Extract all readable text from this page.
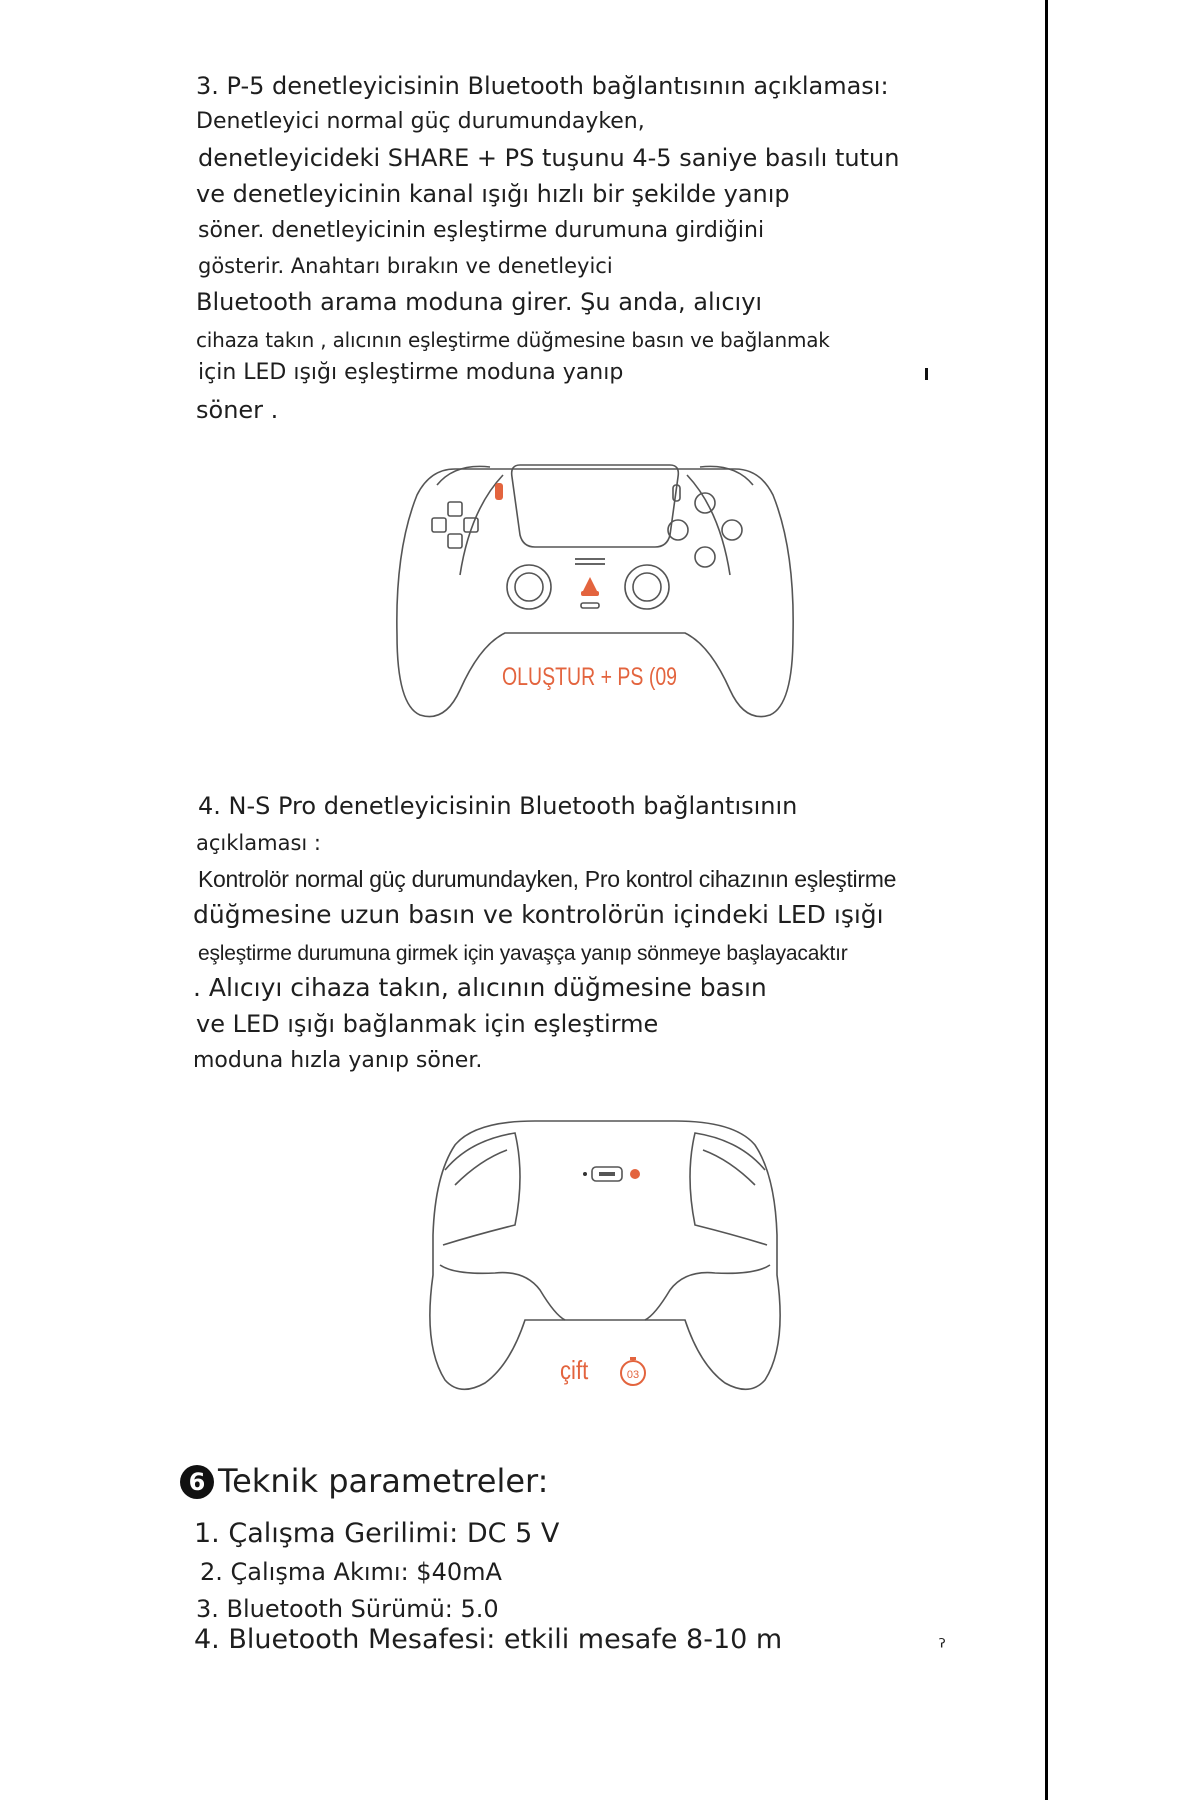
3. P-5 denetleyicisinin Bluetooth bağlantısının açıklaması:
Denetleyici normal güç durumundayken,
denetleyicideki SHARE + PS tuşunu 4-5 saniye basılı tutun
ve denetleyicinin kanal ışığı hızlı bir şekilde yanıp
söner. denetleyicinin eşleştirme durumuna girdiğini
gösterir. Anahtarı bırakın ve denetleyici
Bluetooth arama moduna girer. Şu anda, alıcıyı
cihaza takın , alıcının eşleştirme düğmesine basın ve bağlanmak
için LED ışığı eşleştirme moduna yanıp
söner .
OLUŞTUR + PS (09
4. N-S Pro denetleyicisinin Bluetooth bağlantısının
açıklaması :
Kontrolör normal güç durumundayken, Pro kontrol cihazının eşleştirme
düğmesine uzun basın ve kontrolörün içindeki LED ışığı
eşleştirme durumuna girmek için yavaşça yanıp sönmeye başlayacaktır
. Alıcıyı cihaza takın, alıcının düğmesine basın
ve LED ışığı bağlanmak için eşleştirme
moduna hızla yanıp söner.
çift	03
6 Teknik parametreler:
1. Çalışma Gerilimi: DC 5 V
2. Çalışma Akımı: $40mA
3. Bluetooth Sürümü: 5.0
4. Bluetooth Mesafesi: etkili mesafe 8-10 m	ˀ
